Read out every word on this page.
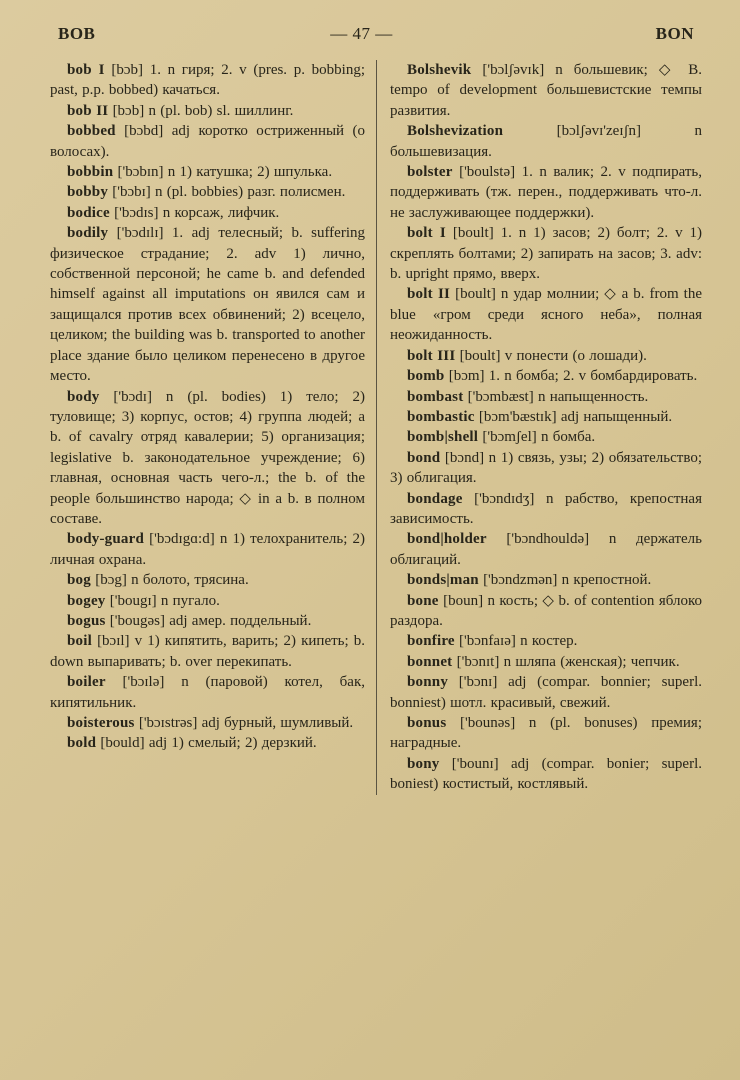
BOB	— 47 —	BON

bob I [bɔb] 1. n гиря; 2. v (pres. p. bobbing; past, p.p. bobbed) качаться.

bob II [bɔb] n (pl. bob) sl. шиллинг.

bobbed [bɔbd] adj коротко остриженный (о волосах).

bobbin ['bɔbɪn] n 1) катушка; 2) шпулька.

bobby ['bɔbɪ] n (pl. bobbies) разг. полисмен.

bodice ['bɔdɪs] n корсаж, лифчик.

bodily ['bɔdɪlɪ] 1. adj телесный; b. suffering физическое страдание; 2. adv 1) лично, собственной персоной; he came b. and defended himself against all imputations он явился сам и защищался против всех обвинений; 2) всецело, целиком; the building was b. transported to another place здание было целиком перенесено в другое место.

body ['bɔdɪ] n (pl. bodies) 1) тело; 2) туловище; 3) корпус, остов; 4) группа людей; a b. of cavalry отряд кавалерии; 5) организация; legislative b. законодательное учреждение; 6) главная, основная часть чего-л.; the b. of the people большинство народа; ◇ in a b. в полном составе.

body-guard ['bɔdɪgɑ:d] n 1) телохранитель; 2) личная охрана.

bog [bɔg] n болото, трясина.

bogey ['bougɪ] n пугало.

bogus ['bougəs] adj амер. поддельный.

boil [bɔɪl] v 1) кипятить, варить; 2) кипеть; b. down выпаривать; b. over перекипать.

boiler ['bɔɪlə] n (паровой) котел, бак, кипятильник.

boisterous ['bɔɪstrəs] adj бурный, шумливый.

bold [bould] adj 1) смелый; 2) дерзкий.

Bolshevik ['bɔlʃəvɪk] n большевик; ◇ B. tempo of development большевистские темпы развития.

Bolshevization [bɔlʃəvɪ'zeɪʃn] n большевизация.

bolster ['boulstə] 1. n валик; 2. v подпирать, поддерживать (тж. перен., поддерживать что-л. не заслуживающее поддержки).

bolt I [boult] 1. n 1) засов; 2) болт; 2. v 1) скреплять болтами; 2) запирать на засов; 3. adv: b. upright прямо, вверх.

bolt II [boult] n удар молнии; ◇ a b. from the blue «гром среди ясного неба», полная неожиданность.

bolt III [boult] v понести (о лошади).

bomb [bɔm] 1. n бомба; 2. v бомбардировать.

bombast ['bɔmbæst] n напыщенность.

bombastic [bɔm'bæstɪk] adj напыщенный.

bomb|shell ['bɔmʃel] n бомба.

bond [bɔnd] n 1) связь, узы; 2) обязательство; 3) облигация.

bondage ['bɔndɪdʒ] n рабство, крепостная зависимость.

bond|holder ['bɔndhouldə] n держатель облигаций.

bonds|man ['bɔndzmən] n крепостной.

bone [boun] n кость; ◇ b. of contention яблоко раздора.

bonfire ['bɔnfaɪə] n костер.

bonnet ['bɔnɪt] n шляпа (женская); чепчик.

bonny ['bɔnɪ] adj (compar. bonnier; superl. bonniest) шотл. красивый, свежий.

bonus ['bounəs] n (pl. bonuses) премия; наградные.

bony ['bounɪ] adj (compar. bonier; superl. boniest) костистый, костлявый.
